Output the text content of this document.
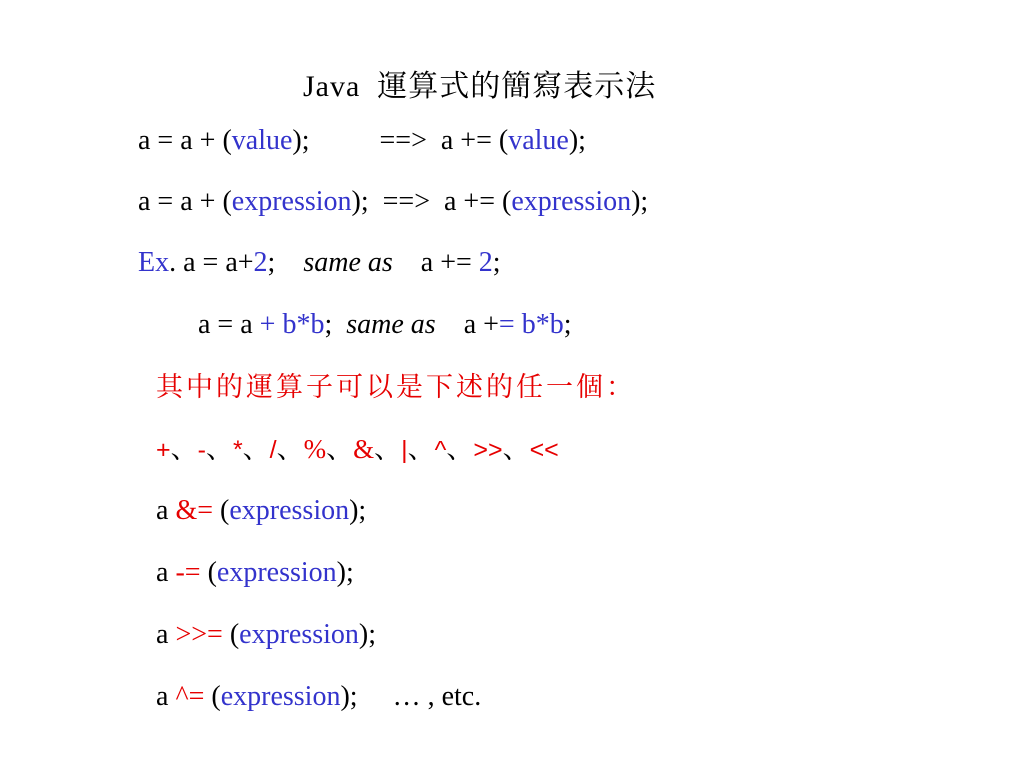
Java  運算式的簡寫表示法
a = a + (value);          ==>  a += (value);
a = a + (expression);  ==>  a += (expression);
Ex. a = a+2;    same as    a += 2;
a = a + b*b;  same as    a += b*b;
其中的運算子可以是下述的任一個：
+、-、*、/、%、&、|、^、>>、<<
a &= (expression);
a -= (expression);
a >>= (expression);
a ^= (expression);     … , etc.
